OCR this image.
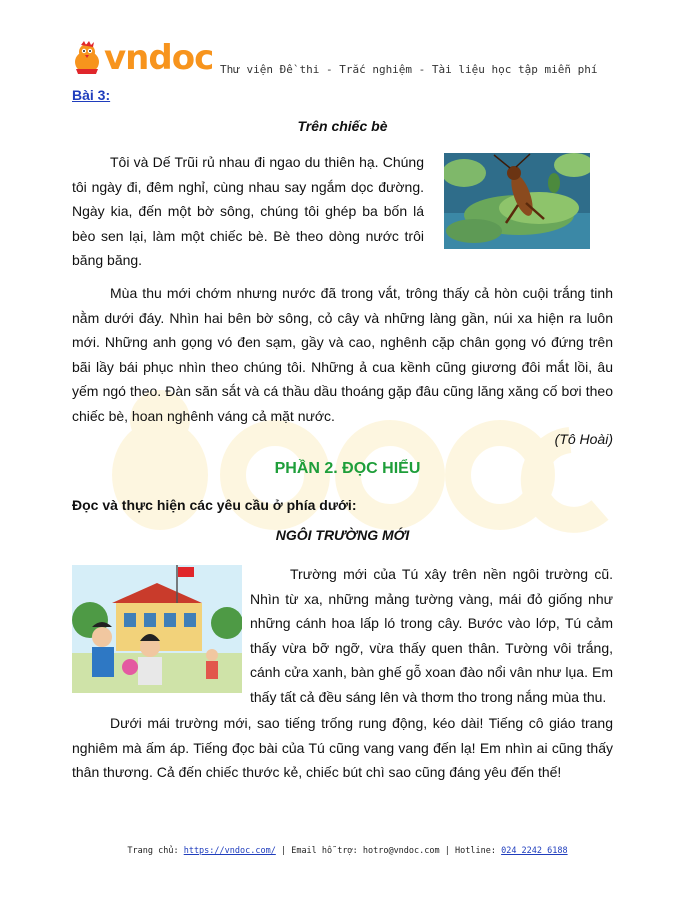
vndoc Thư viện Đề thi - Trắc nghiệm - Tài liệu học tập miễn phí
Bài 3:
Trên chiếc bè
Tôi và Dế Trũi rủ nhau đi ngao du thiên hạ. Chúng tôi ngày đi, đêm nghỉ, cùng nhau say ngắm dọc đường. Ngày kia, đến một bờ sông, chúng tôi ghép ba bốn lá bèo sen lại, làm một chiếc bè. Bè theo dòng nước trôi băng băng.
Mùa thu mới chớm nhưng nước đã trong vắt, trông thấy cả hòn cuội trắng tinh nằm dưới đáy. Nhìn hai bên bờ sông, cỏ cây và những làng gần, núi xa hiện ra luôn mới. Những anh gọng vó đen sạm, gầy và cao, nghênh cặp chân gọng vó đứng trên bãi lầy bái phục nhìn theo chúng tôi. Những ả cua kềnh cũng giương đôi mắt lồi, âu yếm ngó theo. Đàn săn sắt và cá thầu dầu thoáng gặp đâu cũng lăng xăng cố bơi theo chiếc bè, hoan nghênh váng cả mặt nước.
(Tô Hoài)
PHẦN 2. ĐỌC HIỂU
Đọc và thực hiện các yêu cầu ở phía dưới:
NGÔI TRƯỜNG MỚI
Trường mới của Tú xây trên nền ngôi trường cũ. Nhìn từ xa, những mảng tường vàng, mái đỏ giống như những cánh hoa lấp ló trong cây. Bước vào lớp, Tú cảm thấy vừa bỡ ngỡ, vừa thấy quen thân. Tường vôi trắng, cánh cửa xanh, bàn ghế gỗ xoan đào nổi vân như lụa. Em thấy tất cả đều sáng lên và thơm tho trong nắng mùa thu.
Dưới mái trường mới, sao tiếng trống rung động, kéo dài! Tiếng cô giáo trang nghiêm mà ấm áp. Tiếng đọc bài của Tú cũng vang vang đến lạ! Em nhìn ai cũng thấy thân thương. Cả đến chiếc thước kẻ, chiếc bút chì sao cũng đáng yêu đến thế!
Trang chủ: https://vndoc.com/ | Email hỗ trợ: hotro@vndoc.com | Hotline: 024 2242 6188
